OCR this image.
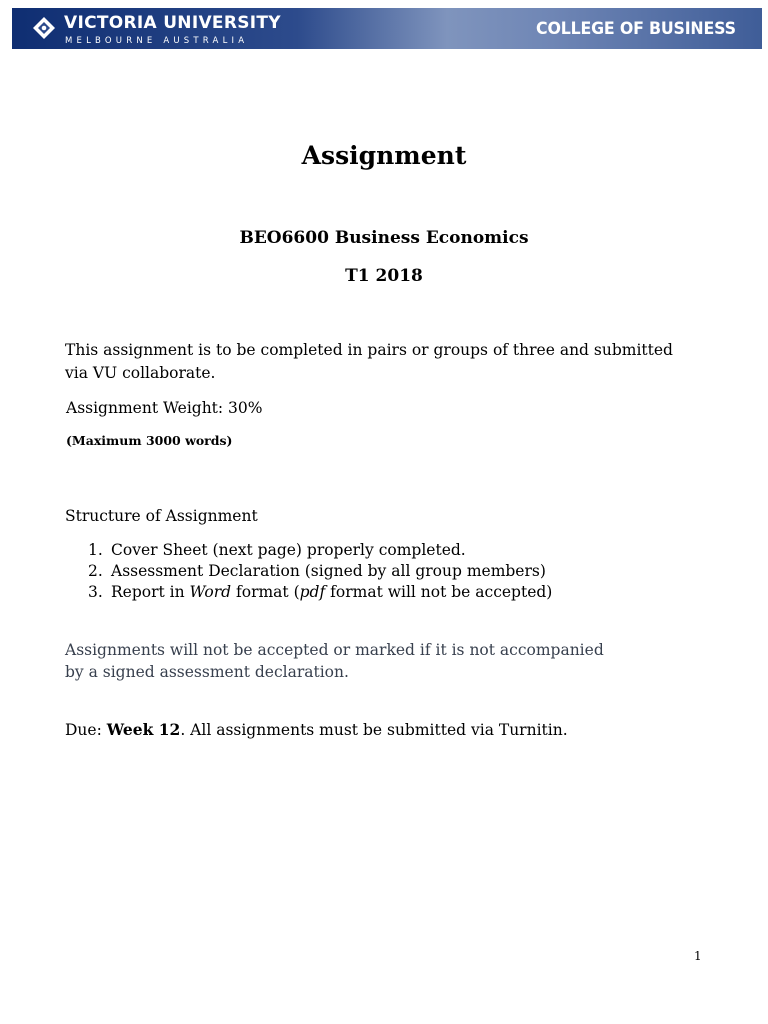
VICTORIA UNIVERSITY
MELBOURNE AUSTRALIA
COLLEGE OF BUSINESS
Assignment
BEO6600 Business Economics
T1 2018
This assignment is to be completed in pairs or groups of three and submitted
via VU collaborate.
Assignment Weight: 30%
(Maximum 3000 words)
Structure of Assignment
1. Cover Sheet (next page) properly completed.
2. Assessment Declaration (signed by all group members)
3. Report in Word format (pdf format will not be accepted)
Assignments will not be accepted or marked if it is not accompanied
by a signed assessment declaration.
Due: Week 12. All assignments must be submitted via Turnitin.
1
